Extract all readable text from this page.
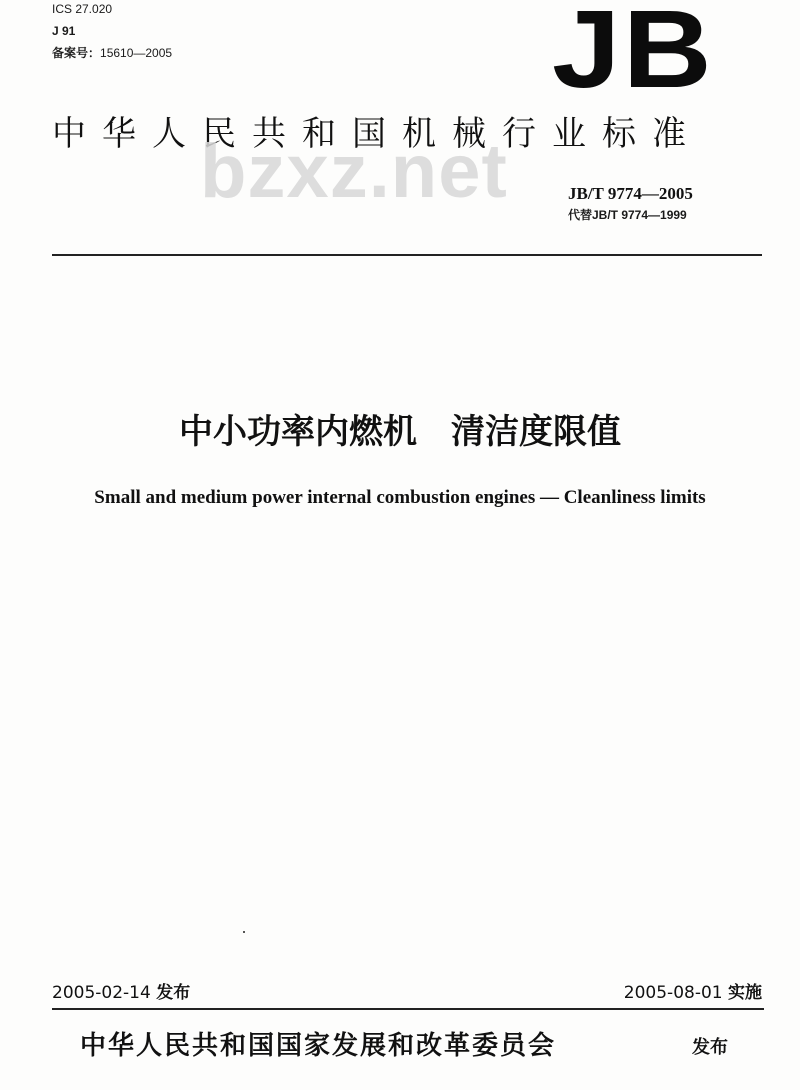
ICS 27.020
J 91
备案号：15610—2005	JB
中华人民共和国机械行业标准
bzxz.net	JB/T 9774—2005
代替JB/T 9774—1999
中小功率内燃机　清洁度限值
Small and medium power internal combustion engines — Cleanliness limits
2005-02-14 发布	2005-08-01 实施
中华人民共和国国家发展和改革委员会	发布
